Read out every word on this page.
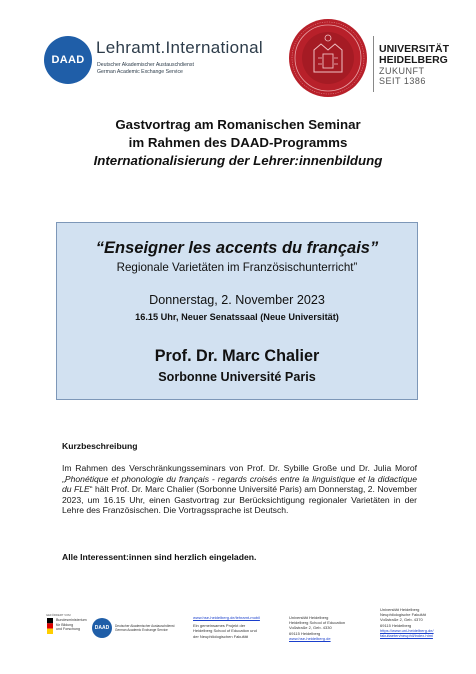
DAAD
Lehramt.International
Deutscher Akademischer Austauschdienst
German Academic Exchange Service
UNIVERSITÄT
HEIDELBERG
ZUKUNFT
SEIT 1386
Gastvortrag am Romanischen Seminar
im Rahmen des DAAD-Programms
Internationalisierung der Lehrer:innenbildung
“Enseigner les accents du français”
Regionale Varietäten im Französischunterricht”
Donnerstag, 2. November 2023
16.15 Uhr, Neuer Senatssaal (Neue Universität)
Prof. Dr. Marc Chalier
Sorbonne Université Paris
Kurzbeschreibung
Im Rahmen des Verschränkungsseminars von Prof. Dr. Sybille Große und Dr. Julia Morof „Phonétique et phonologie du français - regards croisés entre la linguistique et la didactique du FLE“ hält Prof. Dr. Marc Chalier (Sorbonne Université Paris) am Donnerstag, 2. November 2023, um 16.15 Uhr, einen Gastvortrag zur Berücksichtigung regionaler Varietäten in der Lehre des Französischen. Die Vortragssprache ist Deutsch.
Alle Interessent:innen sind herzlich eingeladen.
GEFÖRDERT VOM
Bundesministerium
für Bildung
und Forschung	DAAD Deutscher Akademischer Austauschdienst
German Academic Exchange Service
www.hse-heidelberg.de/lehramt-mobil
Ein gemeinsames Projekt der
Heidelberg School of Education und
der Neuphilologischen Fakultät
Universität Heidelberg
Heidelberg School of Education
Voßstraße 2, Geb. 4330
69115 Heidelberg
www.hse-heidelberg.de
Universität Heidelberg
Neuphilologische Fakultät
Voßstraße 2, Geb. 4370
69115 Heidelberg
https://www.uni-heidelberg.de/
fakultaeten/neuphil/index.html
